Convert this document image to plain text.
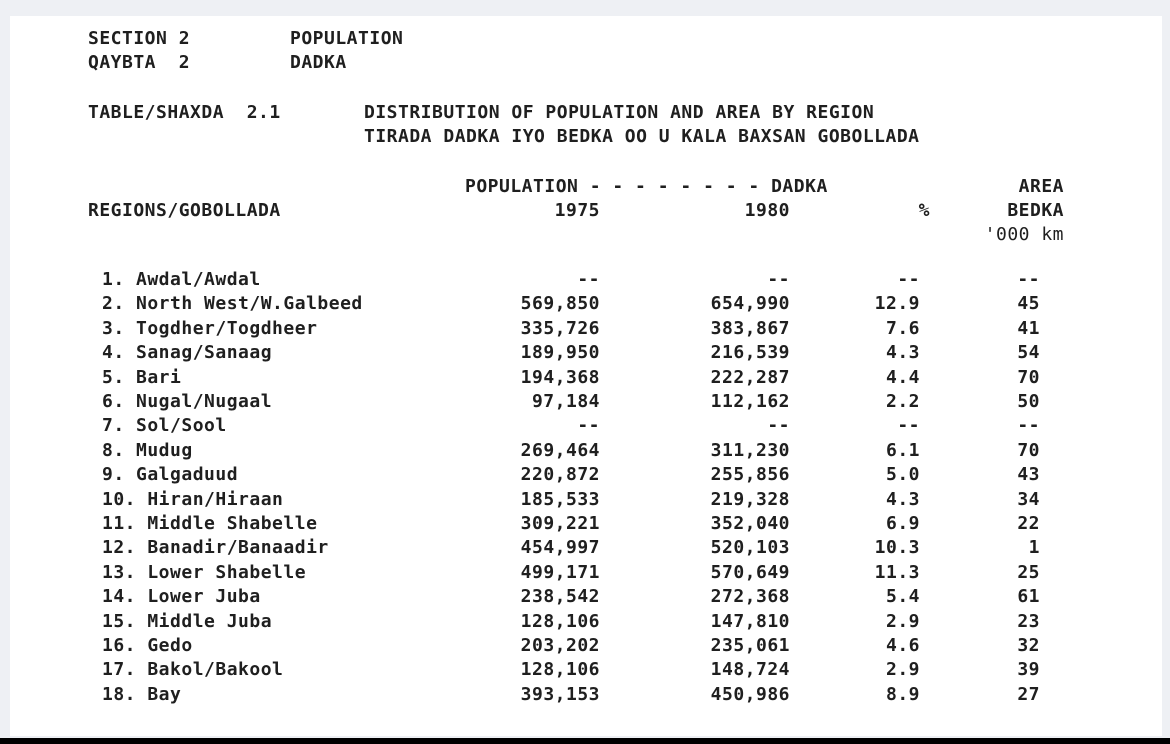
SECTION 2
QAYBTA  2
POPULATION
DADKA
TABLE/SHAXDA  2.1	DISTRIBUTION OF POPULATION AND AREA BY REGION
TIRADA DADKA IYO BEDKA OO U KALA BAXSAN GOBOLLADA
POPULATION - - - - - - - - DADKA	AREA
REGIONS/GOBOLLADA	1975	1980	%	BEDKA
'000 km
1. Awdal/Awdal	--	--	--	--
2. North West/W.Galbeed	569,850	654,990	12.9	45
3. Togdher/Togdheer	335,726	383,867	7.6	41
4. Sanag/Sanaag	189,950	216,539	4.3	54
5. Bari	194,368	222,287	4.4	70
6. Nugal/Nugaal	97,184	112,162	2.2	50
7. Sol/Sool	--	--	--	--
8. Mudug	269,464	311,230	6.1	70
9. Galgaduud	220,872	255,856	5.0	43
10. Hiran/Hiraan	185,533	219,328	4.3	34
11. Middle Shabelle	309,221	352,040	6.9	22
12. Banadir/Banaadir	454,997	520,103	10.3	1
13. Lower Shabelle	499,171	570,649	11.3	25
14. Lower Juba	238,542	272,368	5.4	61
15. Middle Juba	128,106	147,810	2.9	23
16. Gedo	203,202	235,061	4.6	32
17. Bakol/Bakool	128,106	148,724	2.9	39
18. Bay	393,153	450,986	8.9	27
